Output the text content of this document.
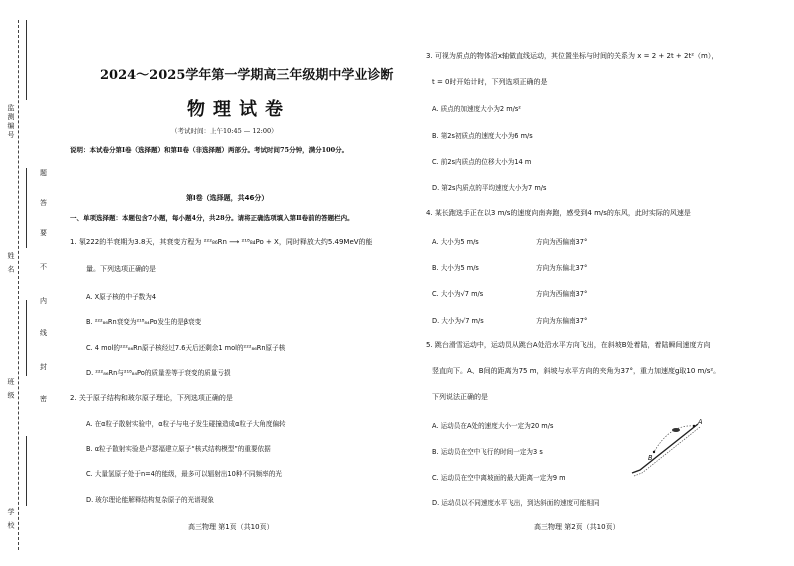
监测编号
姓 名
班 级
学 校
题
答
要
不
内
线
封
密
2024～2025学年第一学期高三年级期中学业诊断
物理试卷
（考试时间：上午10:45 — 12:00）
说明：本试卷分第Ⅰ卷（选择题）和第Ⅱ卷（非选择题）两部分。考试时间75分钟，满分100分。
第Ⅰ卷（选择题，共46分）
一、单项选择题：本题包含7小题，每小题4分，共28分。请将正确选项填入第Ⅱ卷前的答题栏内。
1. 氡222的半衰期为3.8天，其衰变方程为 ²²²₈₆Rn ⟶ ²¹⁸₈₄Po + X，同时释放大约5.49MeV的能
量。下列选项正确的是
A. X原子核的中子数为4
B. ²²²₈₆Rn衰变为²¹⁸₈₄Po发生的是β衰变
C. 4 mol的²²²₈₆Rn原子核经过7.6天后还剩余1 mol的²²²₈₆Rn原子核
D. ²²²₈₆Rn与²¹⁸₈₄Po的质量差等于衰变的质量亏损
2. 关于原子结构和玻尔原子理论，下列选项正确的是
A. 在α粒子散射实验中，α粒子与电子发生碰撞造成α粒子大角度偏转
B. α粒子散射实验是卢瑟福建立原子“核式结构模型”的重要依据
C. 大量氢原子处于n=4的能级，最多可以辐射出10种不同频率的光
D. 玻尔理论能解释结构复杂原子的光谱现象
高三物理 第1页（共10页）
3. 可视为质点的物体沿x轴做直线运动，其位置坐标与时间的关系为 x = 2 + 2t + 2t²（m），
t = 0时开始计时，下列选项正确的是
A. 质点的加速度大小为2 m/s²
B. 第2s初质点的速度大小为6 m/s
C. 前2s内质点的位移大小为14 m
D. 第2s内质点的平均速度大小为7 m/s
4. 某长跑选手正在以3 m/s的速度向南奔跑，感受到4 m/s的东风，此时实际的风速是
A. 大小为5 m/s	方向为西偏南37°
B. 大小为5 m/s	方向为东偏北37°
C. 大小为√7 m/s	方向为西偏南37°
D. 大小为√7 m/s	方向为东偏南37°
5. 跳台滑雪运动中，运动员从跳台A处沿水平方向飞出，在斜坡B处着陆，着陆瞬间速度方向
竖直向下。A、B间的距离为75 m，斜坡与水平方向的夹角为37°，重力加速度g取10 m/s²。
下列说法正确的是
A. 运动员在A处的速度大小一定为20 m/s
B. 运动员在空中飞行的时间一定为3 s
C. 运动员在空中离坡面的最大距离一定为9 m
D. 运动员以不同速度水平飞出，到达斜面的速度可能相同
A
B
高三物理 第2页（共10页）
